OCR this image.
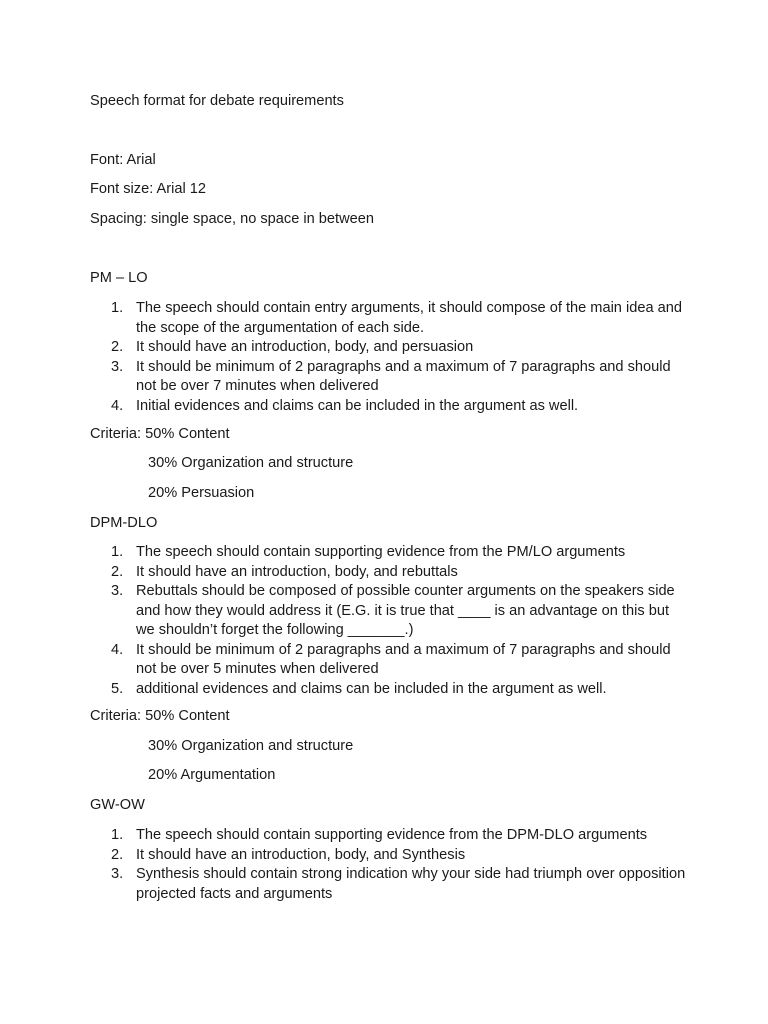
Speech format for debate requirements

Font: Arial

Font size: Arial 12

Spacing: single space, no space in between

PM – LO

1. The speech should contain entry arguments, it should compose of the main idea and the scope of the argumentation of each side.
2. It should have an introduction, body, and persuasion
3. It should be minimum of 2 paragraphs and a maximum of 7 paragraphs and should not be over 7 minutes when delivered
4. Initial evidences and claims can be included in the argument as well.

Criteria: 50% Content

30% Organization and structure

20% Persuasion

DPM-DLO

1. The speech should contain supporting evidence from the PM/LO arguments
2. It should have an introduction, body, and rebuttals
3. Rebuttals should be composed of possible counter arguments on the speakers side and how they would address it (E.G. it is true that ____ is an advantage on this but we shouldn’t forget the following _______.)
4. It should be minimum of 2 paragraphs and a maximum of 7 paragraphs and should not be over 5 minutes when delivered
5. additional evidences and claims can be included in the argument as well.

Criteria: 50% Content

30% Organization and structure

20% Argumentation

GW-OW

1. The speech should contain supporting evidence from the DPM-DLO arguments
2. It should have an introduction, body, and Synthesis
3. Synthesis should contain strong indication why your side had triumph over opposition projected facts and arguments
